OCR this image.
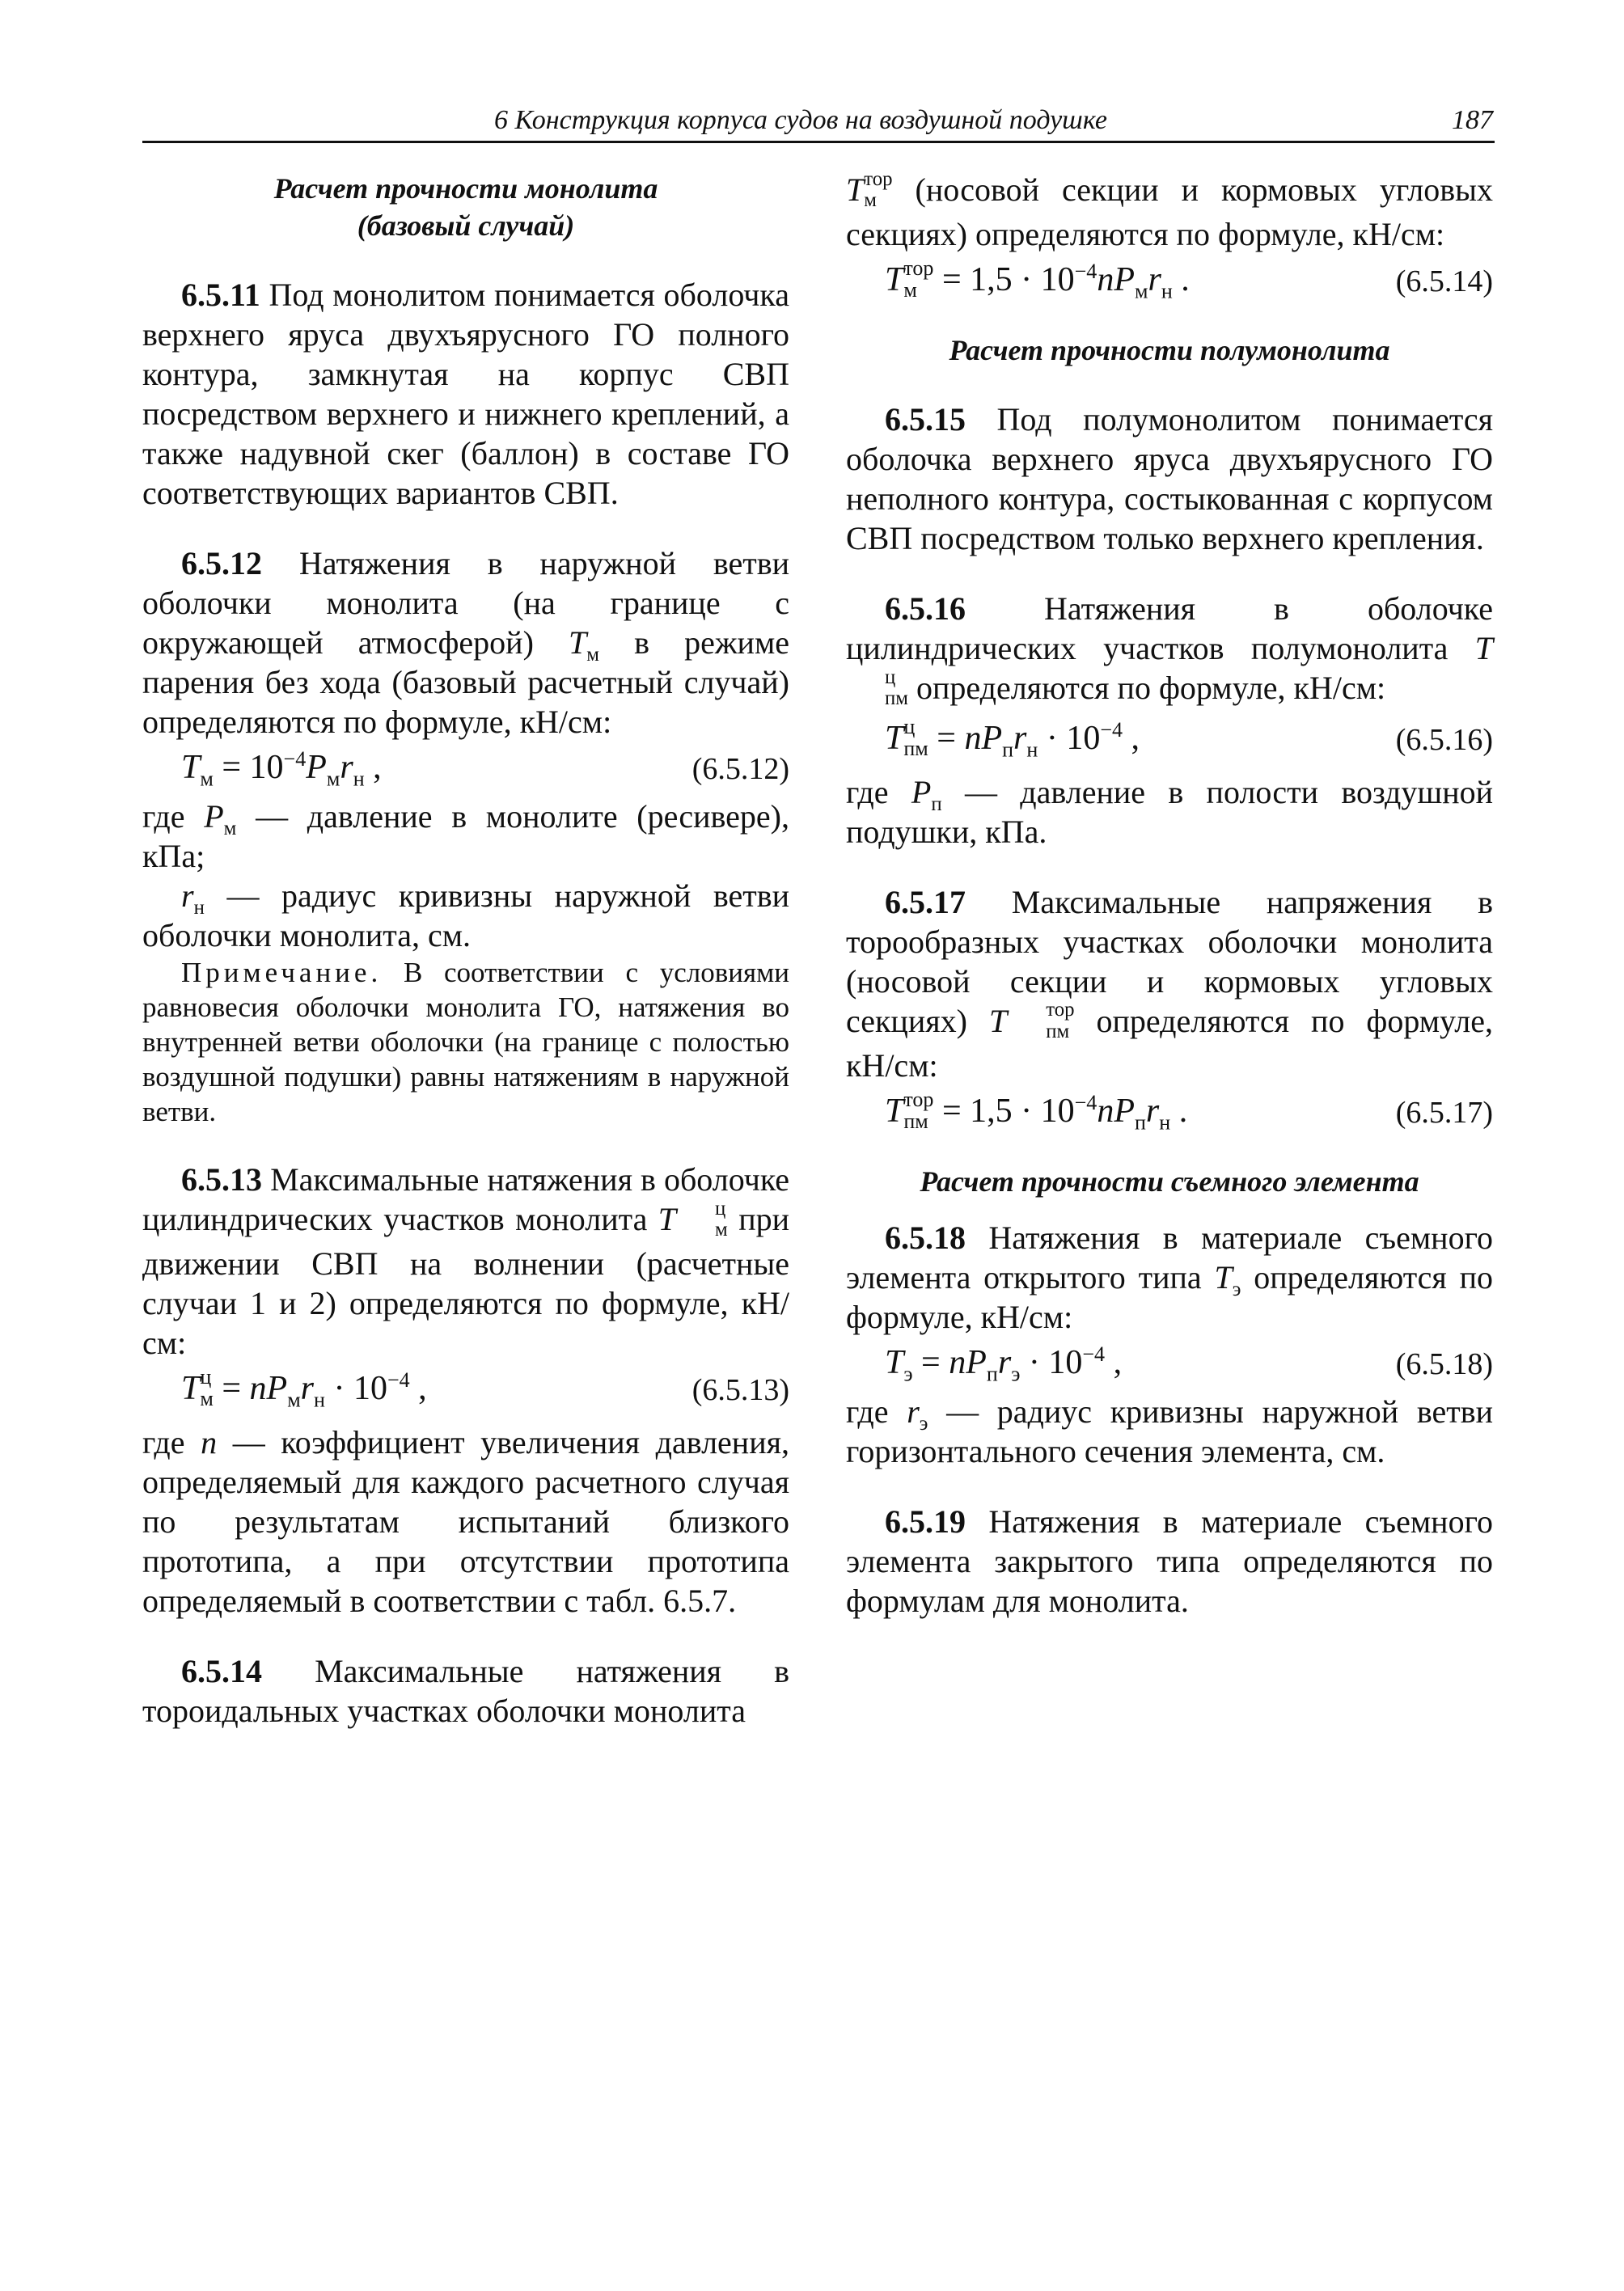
6 Конструкция корпуса судов на воздушной подушке	187

Расчет прочности монолита
(базовый случай)

6.5.11 Под монолитом понимается оболочка верхнего яруса двухъярусного ГО полного контура, замкнутая на корпус СВП посредством верхнего и нижнего креплений, а также надувной скег (баллон) в составе ГО соответствующих вариантов СВП.

6.5.12 Натяжения в наружной ветви оболочки монолита (на границе с окружающей атмосферой) $T_м$ в режиме парения без хода (базовый расчетный случай) определяются по формуле, кН/см:

$T_м = 10^{-4}P_мr_н$ ,	(6.5.12)

где $P_м$ — давление в монолите (ресивере), кПа;

$r_н$ — радиус кривизны наружной ветви оболочки монолита, см.

Примечание. В соответствии с условиями равновесия оболочки монолита ГО, натяжения во внутренней ветви оболочки (на границе с полостью воздушной подушки) равны натяжениям в наружной ветви.

6.5.13 Максимальные натяжения в оболочке цилиндрических участков монолита T	ц
м при движении СВП на волнении (расчетные случаи 1 и 2) определяются по формуле, кН/см:

T ц
$м = nP_мr_н \cdot 10^{-4}$ ,	(6.5.13)

где n — коэффициент увеличения давления, определяемый для каждого расчетного случая по результатам испытаний близкого прототипа, а при отсутствии прототипа определяемый в соответствии с табл. 6.5.7.

6.5.14 Максимальные натяжения в тороидальных участках оболочки монолита

T тор
м	(носовой секции и кормовых угловых секциях) определяются по формуле, кН/см:

T тор
$м = 1,5 \cdot 10^{-4}nP_мr_н$ .	(6.5.14)

Расчет прочности полумонолита

6.5.15 Под полумонолитом понимается оболочка верхнего яруса двухъярусного ГО неполного контура, состыкованная с корпусом СВП посредством только верхнего крепления.

6.5.16 Натяжения в оболочке цилиндрических участков полумонолита T
ц
пм определяются по формуле, кН/см:

T ц
пм = $nP_пr_н \cdot 10^{-4}$ ,	(6.5.16)

где $P_п$ — давление в полости воздушной подушки, кПа.

6.5.17 Максимальные напряжения в торообразных участках оболочки монолита (носовой секции и кормовых угловых секциях) T	тор
пм определяются по формуле, кН/см:

T тор
пм = $1,5 \cdot 10^{-4}nP_пr_н$ .	(6.5.17)

Расчет прочности съемного элемента

6.5.18 Натяжения в материале съемного элемента открытого типа $T_э$ определяются по формуле, кН/см:

$T_э = nP_пr_э \cdot 10^{-4}$ ,	(6.5.18)

где $r_э$ — радиус кривизны наружной ветви горизонтального сечения элемента, см.

6.5.19 Натяжения в материале съемного элемента закрытого типа определяются по формулам для монолита.
